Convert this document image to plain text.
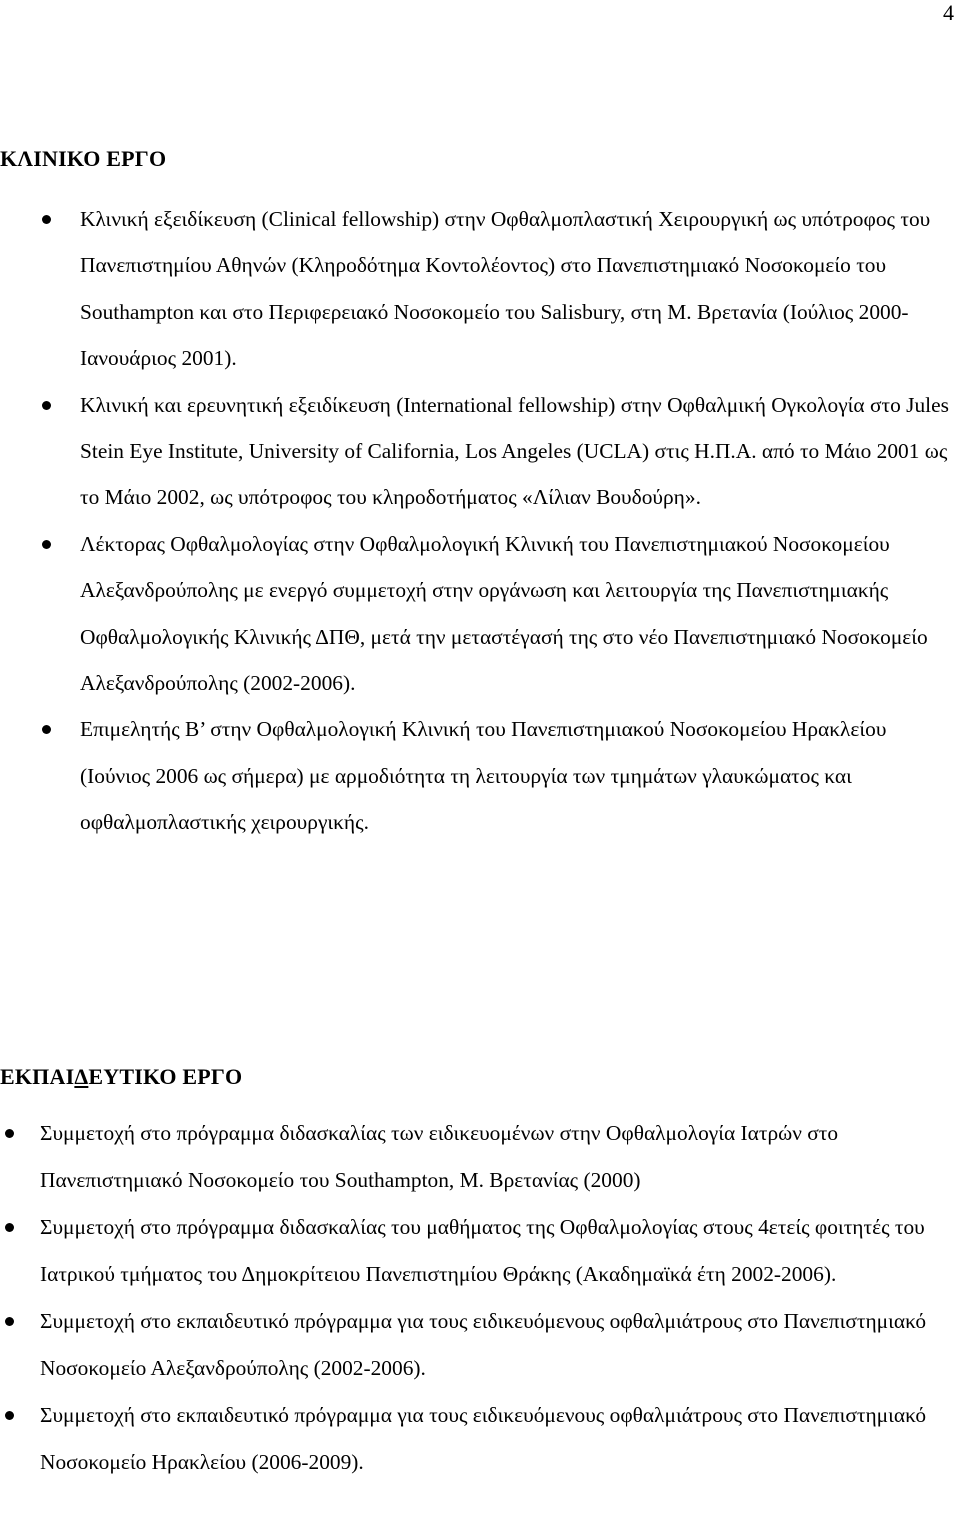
4
ΚΛΙΝΙΚΟ ΕΡΓΟ
Κλινική εξειδίκευση (Clinical fellowship) στην Οφθαλμοπλαστική Χειρουργική ως υπότροφος του Πανεπιστημίου Αθηνών (Κληροδότημα Κοντολέοντος) στο Πανεπιστημιακό Νοσοκομείο του Southampton και στο Περιφερειακό Νοσοκομείο του Salisbury, στη Μ. Βρετανία (Ιούλιος 2000-Ιανουάριος 2001).
Κλινική και ερευνητική εξειδίκευση (International fellowship) στην Οφθαλμική Ογκολογία στο Jules Stein Eye Institute, University of California, Los Angeles (UCLA) στις Η.Π.Α. από το Μάιο 2001 ως το Μάιο 2002, ως υπότροφος του κληροδοτήματος «Λίλιαν Βουδούρη».
Λέκτορας Οφθαλμολογίας στην Οφθαλμολογική Κλινική του Πανεπιστημιακού Νοσοκομείου Αλεξανδρούπολης με ενεργό συμμετοχή στην οργάνωση και λειτουργία της Πανεπιστημιακής Οφθαλμολογικής Κλινικής ΔΠΘ, μετά την μεταστέγασή της στο νέο Πανεπιστημιακό Νοσοκομείο Αλεξανδρούπολης (2002-2006).
Επιμελητής Β’ στην Οφθαλμολογική Κλινική του Πανεπιστημιακού Νοσοκομείου Ηρακλείου (Ιούνιος 2006 ως σήμερα) με αρμοδιότητα τη λειτουργία των τμημάτων γλαυκώματος και οφθαλμοπλαστικής χειρουργικής.
ΕΚΠΑΙΔΕΥΤΙΚΟ ΕΡΓΟ
Συμμετοχή στο πρόγραμμα διδασκαλίας των ειδικευομένων στην Οφθαλμολογία Ιατρών στο Πανεπιστημιακό Νοσοκομείο του Southampton, Μ. Βρετανίας (2000)
Συμμετοχή στο πρόγραμμα διδασκαλίας του μαθήματος της Οφθαλμολογίας στους 4ετείς φοιτητές του Ιατρικού τμήματος του Δημοκρίτειου Πανεπιστημίου Θράκης (Ακαδημαϊκά έτη 2002-2006).
Συμμετοχή στο εκπαιδευτικό πρόγραμμα για τους ειδικευόμενους οφθαλμιάτρους στο Πανεπιστημιακό Νοσοκομείο Αλεξανδρούπολης (2002-2006).
Συμμετοχή στο εκπαιδευτικό πρόγραμμα για τους ειδικευόμενους οφθαλμιάτρους στο Πανεπιστημιακό Νοσοκομείο Ηρακλείου (2006-2009).
